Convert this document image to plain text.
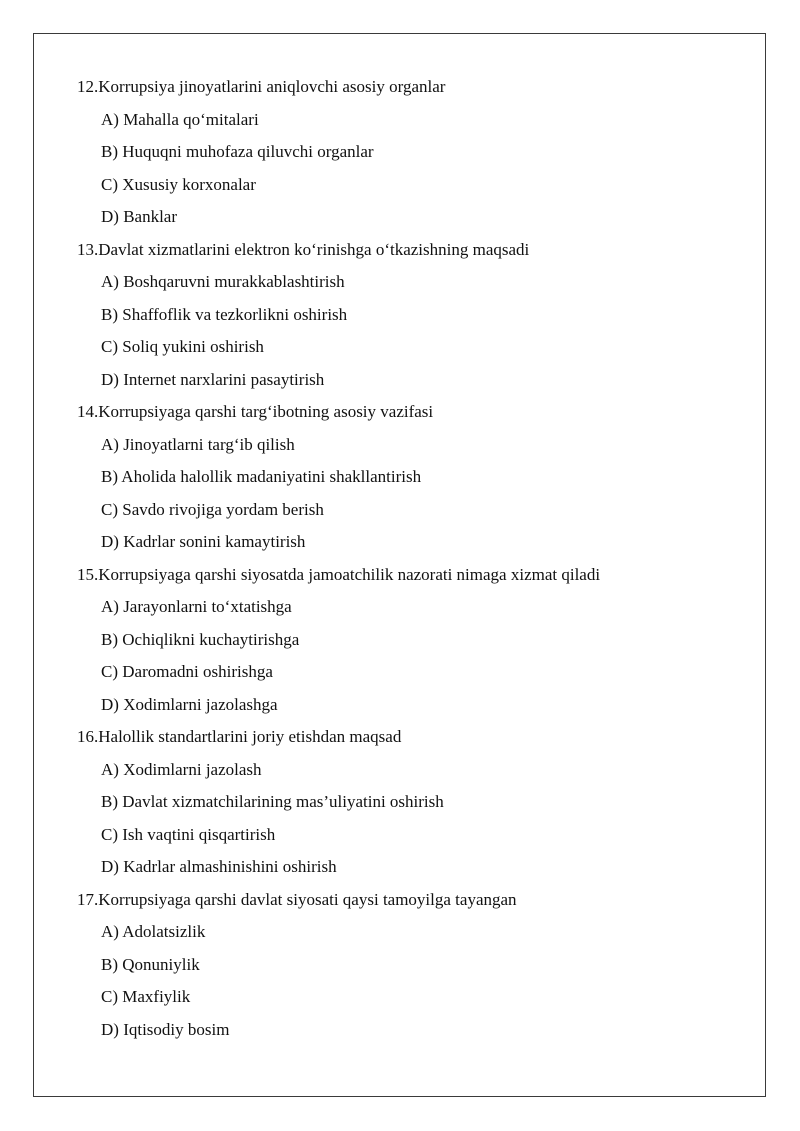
12.Korrupsiya jinoyatlarini aniqlovchi asosiy organlar
A) Mahalla qo‘mitalari
B) Huquqni muhofaza qiluvchi organlar
C) Xususiy korxonalar
D) Banklar
13.Davlat xizmatlarini elektron ko‘rinishga o‘tkazishning maqsadi
A) Boshqaruvni murakkablashtirish
B) Shaffoflik va tezkorlikni oshirish
C) Soliq yukini oshirish
D) Internet narxlarini pasaytirish
14.Korrupsiyaga qarshi targ‘ibotning asosiy vazifasi
A) Jinoyatlarni targ‘ib qilish
B) Aholida halollik madaniyatini shakllantirish
C) Savdo rivojiga yordam berish
D) Kadrlar sonini kamaytirish
15.Korrupsiyaga qarshi siyosatda jamoatchilik nazorati nimaga xizmat qiladi
A) Jarayonlarni to‘xtatishga
B) Ochiqlikni kuchaytirishga
C) Daromadni oshirishga
D) Xodimlarni jazolashga
16.Halollik standartlarini joriy etishdan maqsad
A) Xodimlarni jazolash
B) Davlat xizmatchilarining mas’uliyatini oshirish
C) Ish vaqtini qisqartirish
D) Kadrlar almashinishini oshirish
17.Korrupsiyaga qarshi davlat siyosati qaysi tamoyilga tayangan
A) Adolatsizlik
B) Qonuniylik
C) Maxfiylik
D) Iqtisodiy bosim
